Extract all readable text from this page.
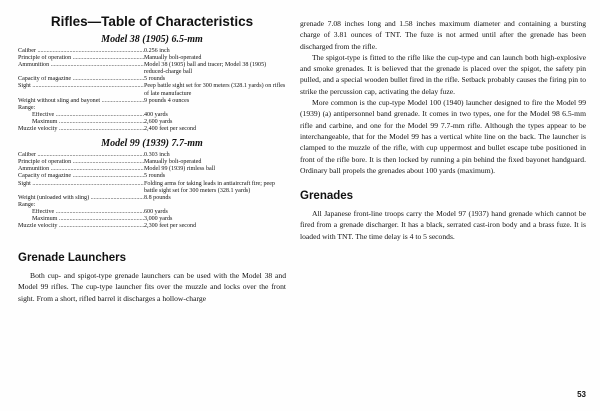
Rifles—Table of Characteristics
Model 38 (1905) 6.5-mm
Caliber .....	0.256 inch
Principle of operation .....	Manually bolt-operated
Ammunition .....	Model 38 (1905) ball and tracer; Model 38 (1905) reduced-charge ball
Capacity of magazine .....	5 rounds
Sight .....	Peep battle sight set for 300 meters (328.1 yards) on rifles of late manufacture
Weight without sling and bayonet .....	9 pounds 4 ounces
Range:
Effective .....	400 yards
Maximum .....	2,600 yards
Muzzle velocity .....	2,400 feet per second
Model 99 (1939) 7.7-mm
Caliber .....	0.303 inch
Principle of operation .....	Manually bolt-operated
Ammunition .....	Model 99 (1939) rimless ball
Capacity of magazine .....	5 rounds
Sight .....	Folding arms for taking leads in antiaircraft fire; peep battle sight set for 300 meters (328.1 yards)
Weight (unloaded with sling) .....	8.8 pounds
Range:
Effective .....	600 yards
Maximum .....	3,000 yards
Muzzle velocity .....	2,300 feet per second
Grenade Launchers

Both cup- and spigot-type grenade launchers can be used with the Model 38 and Model 99 rifles. The cup-type launcher fits over the muzzle and locks over the front sight. From a short, rifled barrel it discharges a hollow-charge

grenade 7.08 inches long and 1.58 inches maximum diameter and containing a bursting charge of 3.81 ounces of TNT. The fuze is not armed until after the grenade has been discharged from the rifle.

The spigot-type is fitted to the rifle like the cup-type and can launch both high-explosive and smoke grenades. It is believed that the grenade is placed over the spigot, the safety pin pulled, and a special wooden bullet fired in the rifle. Setback probably causes the firing pin to strike the percussion cap, activating the delay fuze.

More common is the cup-type Model 100 (1940) launcher designed to fire the Model 99 (1939) (a) antipersonnel band grenade. It comes in two types, one for the Model 98 6.5-mm rifle and carbine, and one for the Model 99 7.7-mm rifle. Although the types appear to be interchangeable, that for the Model 99 has a vertical white line on the back. The launcher is clamped to the muzzle of the rifle, with cup uppermost and bullet escape tube positioned in front of the rifle bore. It is then locked by running a pin behind the fixed bayonet handguard. Ordinary ball propels the grenades about 100 yards (maximum).

Grenades

All Japanese front-line troops carry the Model 97 (1937) hand grenade which cannot be fired from a grenade discharger. It has a black, serrated cast-iron body and a brass fuze. It is loaded with TNT. The time delay is 4 to 5 seconds.

53
